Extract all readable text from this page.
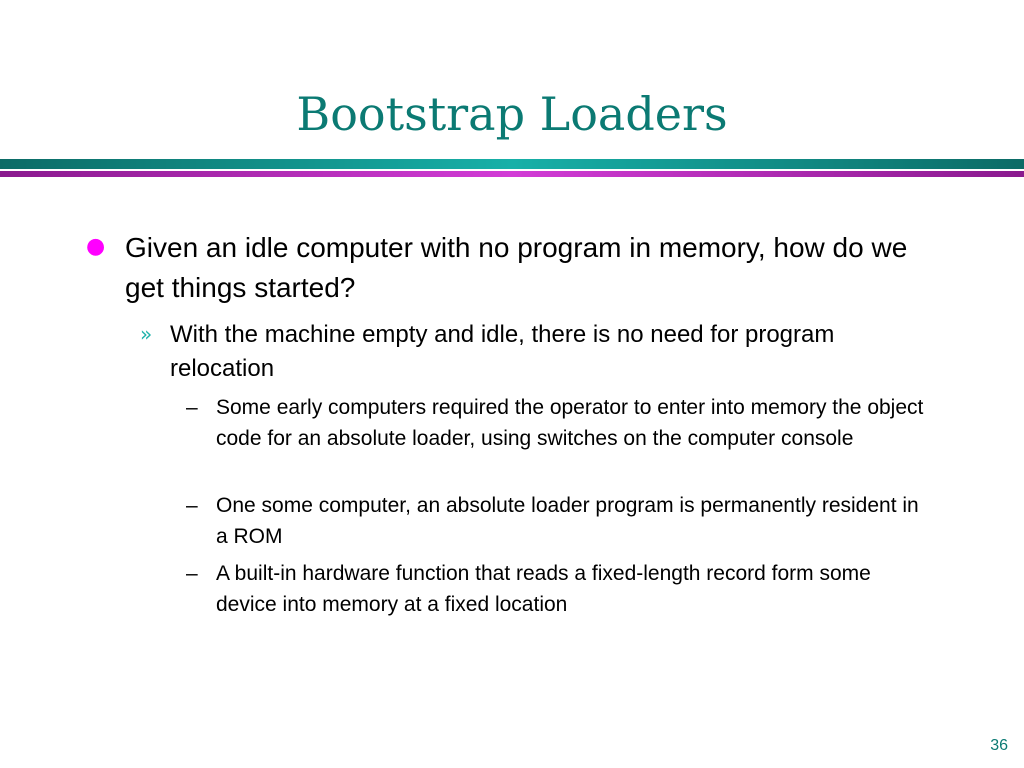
Bootstrap Loaders
● Given an idle computer with no program in memory, how do we get things started?
» With the machine empty and idle, there is no need for program relocation
– Some early computers required the operator to enter into memory the object code for an absolute loader, using switches on the computer console
– One some computer, an absolute loader program is permanently resident in a ROM
– A built-in hardware function that reads a fixed-length record form some device into memory at a fixed location
36
